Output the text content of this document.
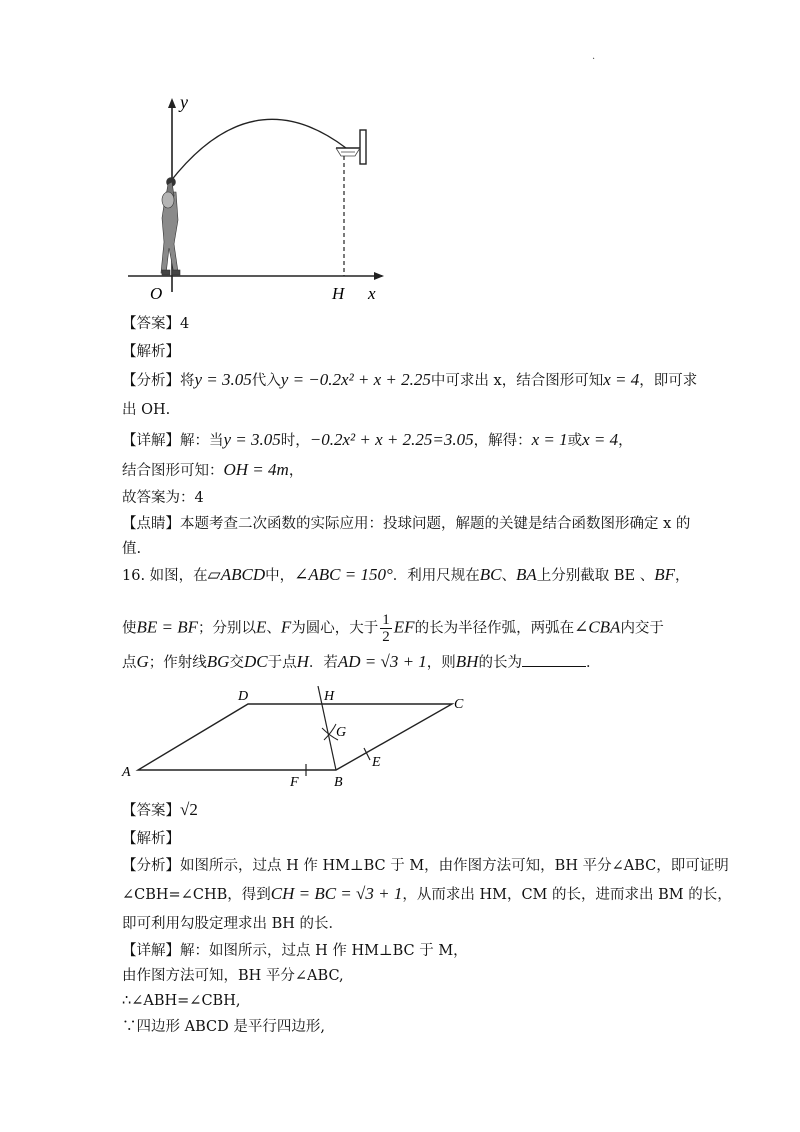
·
y
O	H x
【答案】4
【解析】
【分析】将y = 3.05代入y = −0.2x² + x + 2.25中可求出 x，结合图形可知x = 4，即可求
出 OH.
【详解】解：当y = 3.05时，−0.2x² + x + 2.25=3.05，解得：x = 1或x = 4，
结合图形可知：OH = 4m，
故答案为：4
【点睛】本题考查二次函数的实际应用：投球问题，解题的关键是结合函数图形确定 x 的
值.
16. 如图，在▱ABCD中，∠ABC = 150°．利用尺规在BC、BA上分别截取 BE 、BF，
使BE = BF；分别以E、F为圆心，大于 $\frac{1}{2}$ EF的长为半径作弧，两弧在∠CBA内交于
点G；作射线BG交DC于点H．若AD = √3 + 1，则BH的长为	．
A
B
C
D
E
F
G
H
【答案】√2
【解析】
【分析】如图所示，过点 H 作 HM⊥BC 于 M，由作图方法可知，BH 平分∠ABC，即可证明
∠CBH=∠CHB，得到CH = BC = √3 + 1，从而求出 HM，CM 的长，进而求出 BM 的长，
即可利用勾股定理求出 BH 的长．
【详解】解：如图所示，过点 H 作 HM⊥BC 于 M，
由作图方法可知，BH 平分∠ABC,
∴∠ABH=∠CBH,
∵四边形 ABCD 是平行四边形,
